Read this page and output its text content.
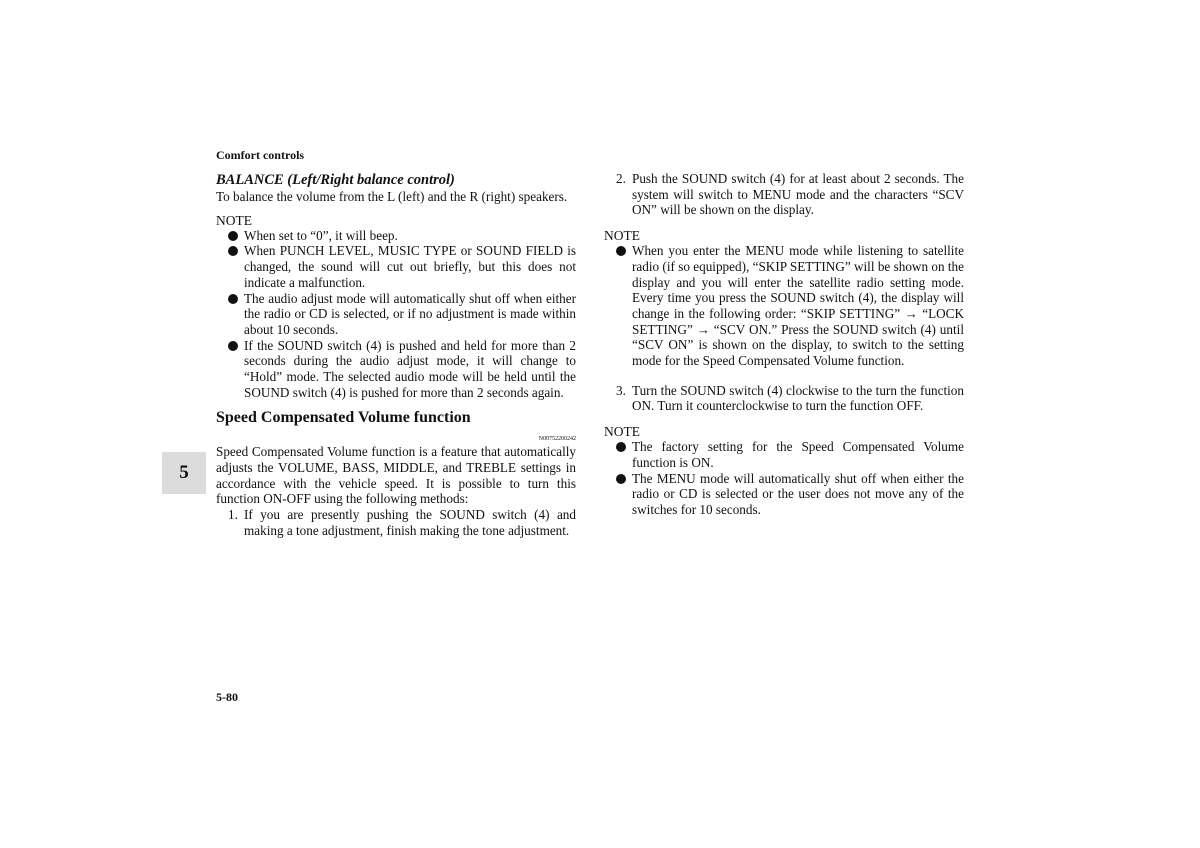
Comfort controls
5

BALANCE (Left/Right balance control)

To balance the volume from the L (left) and the R (right) speakers.

NOTE
When set to “0”, it will beep.
When PUNCH LEVEL, MUSIC TYPE or SOUND FIELD is changed, the sound will cut out briefly, but this does not indicate a malfunction.
The audio adjust mode will automatically shut off when either the radio or CD is selected, or if no adjustment is made within about 10 seconds.
If the SOUND switch (4) is pushed and held for more than 2 seconds during the audio adjust mode, it will change to “Hold” mode. The selected audio mode will be held until the SOUND switch (4) is pushed for more than 2 seconds again.
Speed Compensated Volume function
N00752200242

Speed Compensated Volume function is a feature that automatically adjusts the VOLUME, BASS, MIDDLE, and TREBLE settings in accordance with the vehicle speed. It is possible to turn this function ON-OFF using the following methods:

1. If you are presently pushing the SOUND switch (4) and making a tone adjustment, finish making the tone adjustment.
2. Push the SOUND switch (4) for at least about 2 seconds. The system will switch to MENU mode and the characters “SCV ON” will be shown on the display.
NOTE
When you enter the MENU mode while listening to satellite radio (if so equipped), “SKIP SETTING” will be shown on the display and you will enter the satellite radio setting mode. Every time you press the SOUND switch (4), the display will change in the following order: “SKIP SETTING” → “LOCK SETTING” → “SCV ON.” Press the SOUND switch (4) until “SCV ON” is shown on the display, to switch to the setting mode for the Speed Compensated Volume function.
3. Turn the SOUND switch (4) clockwise to the turn the function ON. Turn it counterclockwise to turn the function OFF.
NOTE
The factory setting for the Speed Compensated Volume function is ON.
The MENU mode will automatically shut off when either the radio or CD is selected or the user does not move any of the switches for 10 seconds.
5-80
